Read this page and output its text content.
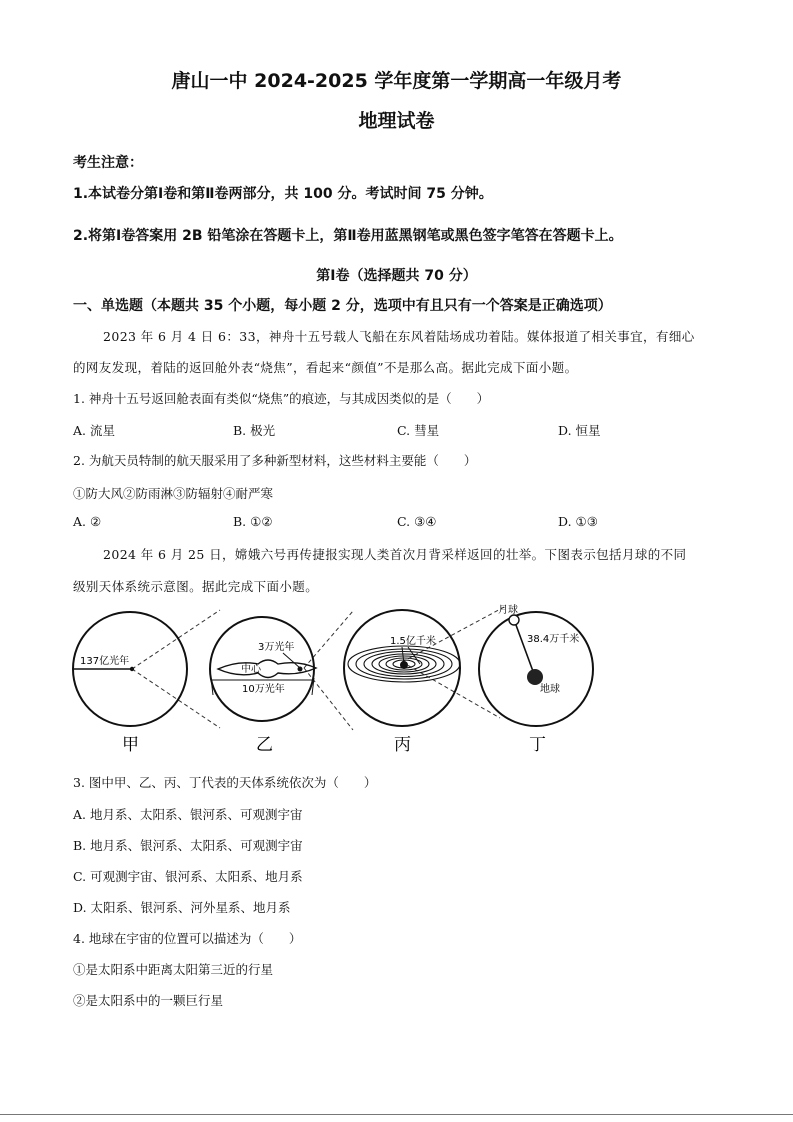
唐山一中 2024-2025 学年度第一学期高一年级月考
地理试卷
考生注意：
1.本试卷分第Ⅰ卷和第Ⅱ卷两部分，共 100 分。考试时间 75 分钟。
2.将第Ⅰ卷答案用 2B 铅笔涂在答题卡上，第Ⅱ卷用蓝黑钢笔或黑色签字笔答在答题卡上。
第Ⅰ卷（选择题共 70 分）
一、单选题（本题共 35 个小题，每小题 2 分，选项中有且只有一个答案是正确选项）
2023 年 6 月 4 日 6：33，神舟十五号载人飞船在东风着陆场成功着陆。媒体报道了相关事宜，有细心
的网友发现，着陆的返回舱外表“烧焦”，看起来“颜值”不是那么高。据此完成下面小题。
1. 神舟十五号返回舱表面有类似“烧焦”的痕迹，与其成因类似的是（　　）
A. 流星	B. 极光	C. 彗星	D. 恒星
2. 为航天员特制的航天服采用了多种新型材料，这些材料主要能（　　）
①防大风②防雨淋③防辐射④耐严寒
A. ②	B. ①②	C. ③④	D. ①③
2024 年 6 月 25 日，嫦娥六号再传捷报实现人类首次月背采样返回的壮举。下图表示包括月球的不同
级别天体系统示意图。据此完成下面小题。
137亿光年
3万光年
中心
10万光年
1.5亿千米
月球
38.4万千米
地球
甲	乙	丙	丁
3. 图中甲、乙、丙、丁代表的天体系统依次为（　　）
A. 地月系、太阳系、银河系、可观测宇宙
B. 地月系、银河系、太阳系、可观测宇宙
C. 可观测宇宙、银河系、太阳系、地月系
D. 太阳系、银河系、河外星系、地月系
4. 地球在宇宙的位置可以描述为（　　）
①是太阳系中距离太阳第三近的行星
②是太阳系中的一颗巨行星
